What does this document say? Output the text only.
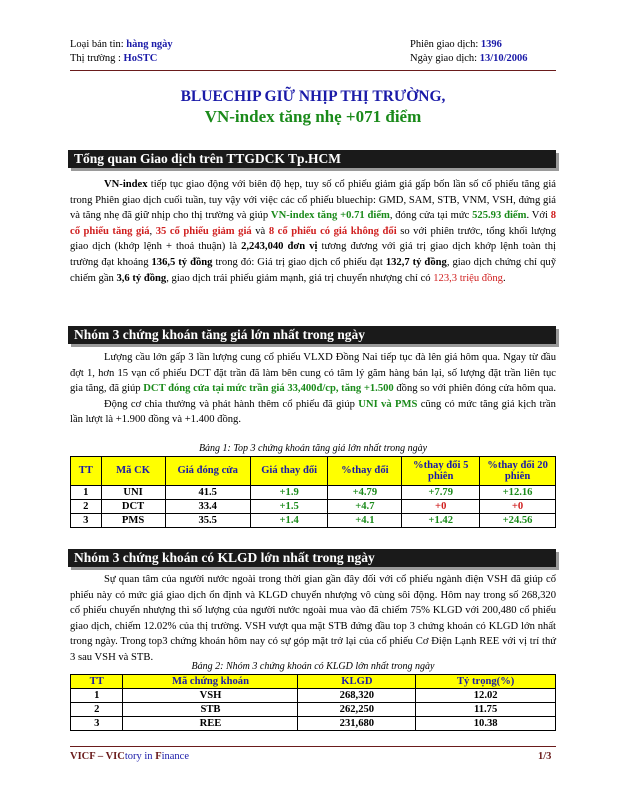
Loại bản tin: hàng ngày
Thị trường : HoSTC
Phiên giao dịch: 1396
Ngày giao dịch: 13/10/2006
BLUECHIP GIỮ NHỊP THỊ TRƯỜNG,
VN-index tăng nhẹ +071 điểm
Tổng quan Giao dịch trên TTGDCK Tp.HCM

VN-index tiếp tục giao động với biên độ hẹp, tuy số cổ phiếu giảm giá gấp bốn lần số cổ phiếu tăng giá trong Phiên giao dịch cuối tuần, tuy vậy với việc các cổ phiếu bluechip: GMD, SAM, STB, VNM, VSH, đứng giá và tăng nhẹ đã giữ nhịp cho thị trường và giúp VN-index tăng +0.71 điểm, đóng cửa tại mức 525.93 điểm. Với 8 cổ phiếu tăng giá, 35 cổ phiếu giảm giá và 8 cổ phiếu có giá không đổi so với phiên trước, tổng khối lượng giao dịch (khớp lệnh + thoả thuận) là 2,243,040 đơn vị tương đương với giá trị giao dịch khớp lệnh toàn thị trường đạt khoảng 136,5 tỷ đồng trong đó: Giá trị giao dịch cổ phiếu đạt 132,7 tỷ đồng, giao dịch chứng chỉ quỹ chiếm gần 3,6 tỷ đồng, giao dịch trái phiếu giảm mạnh, giá trị chuyển nhượng chỉ có 123,3 triệu đồng.

Nhóm 3 chứng khoán tăng giá lớn nhất trong ngày

Lượng cầu lớn gấp 3 lần lượng cung cổ phiếu VLXD Đồng Nai tiếp tục đà lên giá hôm qua. Ngay từ đầu đợt 1, hơn 15 vạn cổ phiếu DCT đặt trần đã làm bên cung có tâm lý găm hàng bán lại, số lượng đặt trần liên tục gia tăng, đã giúp DCT đóng cửa tại mức trần giá 33,400đ/cp, tăng +1.500 đồng so với phiên đóng cửa hôm qua.

Động cơ chia thưởng và phát hành thêm cổ phiếu đã giúp UNI và PMS cũng có mức tăng giá kịch trần lần lượt là +1.900 đồng và +1.400 đồng.

Bảng 1: Top 3 chứng khoán tăng giá lớn nhất trong ngày
TT	Mã CK	Giá đóng cửa	Giá thay đổi	%thay đổi	%thay đổi 5 phiên	%thay đổi 20 phiên
1	UNI	41.5	+1.9	+4.79	+7.79	+12.16
2	DCT	33.4	+1.5	+4.7	+0	+0
3	PMS	35.5	+1.4	+4.1	+1.42	+24.56
Nhóm 3 chứng khoán có KLGD lớn nhất trong ngày

Sự quan tâm của người nước ngoài trong thời gian gần đây đối với cổ phiếu ngành điện VSH đã giúp cổ phiếu này có mức giá giao dịch ổn định và KLGD chuyển nhượng vô cùng sôi động. Hôm nay trong số 268,320 cổ phiếu chuyển nhượng thì số lượng của người nước ngoài mua vào đã chiếm 75% KLGD với 200,480 cổ phiếu giao dịch, chiếm 12.02% của thị trường. VSH vượt qua mặt STB đứng đầu top 3 chứng khoán có KLGD lớn nhất trong ngày. Trong top3 chứng khoán hôm nay có sự góp mặt trở lại của cổ phiếu Cơ Điện Lạnh REE với vị trí thứ 3 sau VSH và STB.

Bảng 2: Nhóm 3 chứng khoán có KLGD lớn nhất trong ngày
TT	Mã chứng khoán	KLGD	Tỷ trọng(%)
1	VSH	268,320	12.02
2	STB	262,250	11.75
3	REE	231,680	10.38
VICF – VICtory in Finance	1/3
